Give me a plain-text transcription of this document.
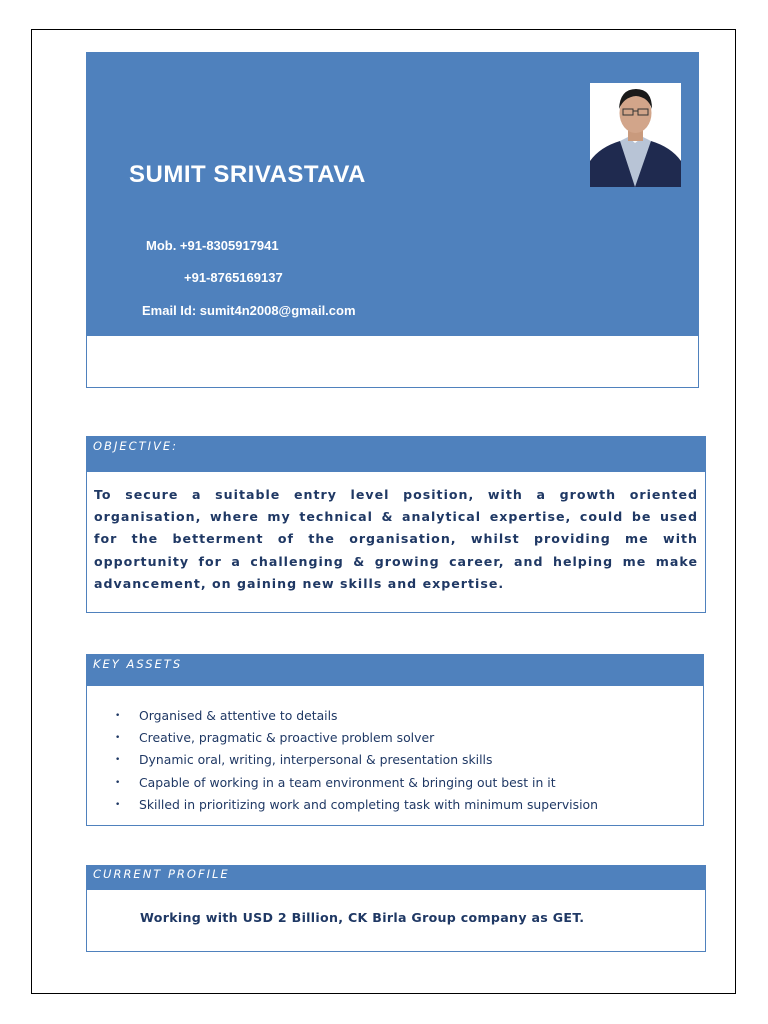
SUMIT SRIVASTAVA
Mob. +91-8305917941
+91-8765169137
Email Id: sumit4n2008@gmail.com
OBJECTIVE:
To secure a suitable entry level position, with a growth oriented organisation, where my technical & analytical expertise, could be used for the betterment of the organisation, whilst providing me with opportunity for a challenging & growing career, and helping me make advancement, on gaining new skills and expertise.
KEY ASSETS
• Organised & attentive to details
• Creative, pragmatic & proactive problem solver
• Dynamic oral, writing, interpersonal & presentation skills
• Capable of working in a team environment & bringing out best in it
• Skilled in prioritizing work and completing task with minimum supervision
CURRENT PROFILE
Working with USD 2 Billion, CK Birla Group company as GET.
